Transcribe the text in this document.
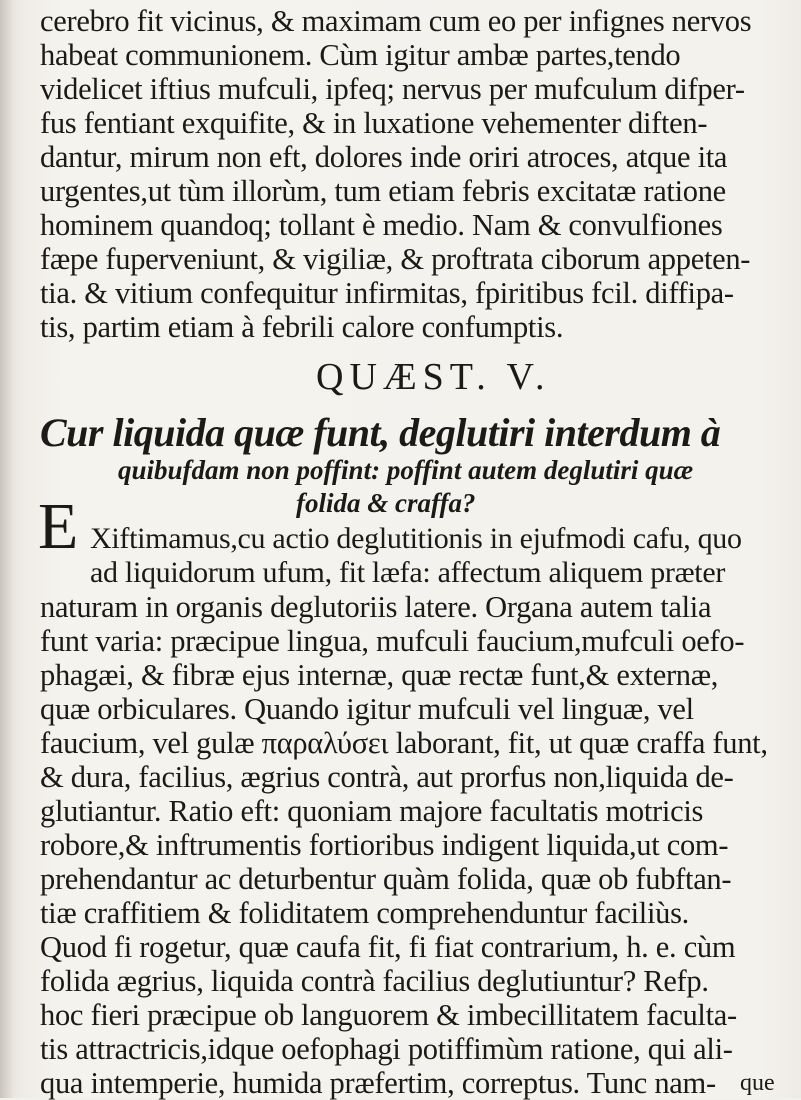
cerebro fit vicinus, & maximam cum eo per infignes nervos
habeat communionem. Cùm igitur ambæ partes,tendo
videlicet iftius mufculi, ipfeq; nervus per mufculum difper-
fus fentiant exquifite, & in luxatione vehementer diften-
dantur, mirum non eft, dolores inde oriri atroces, atque ita
urgentes,ut tùm illorùm, tum etiam febris excitatæ ratione
hominem quandoq; tollant è medio. Nam & convulfiones
fæpe fuperveniunt, & vigiliæ, & proftrata ciborum appeten-
tia. & vitium confequitur infirmitas, fpiritibus fcil. diffipa-
tis, partim etiam à febrili calore confumptis.
QUÆST. V.
Cur liquida quæ funt, deglutiri interdum à
quibufdam non poffint: poffint autem deglutiri quæ
folida & craffa?
E Xiftimamus,cu actio deglutitionis in ejufmodi cafu, quo
ad liquidorum ufum, fit læfa: affectum aliquem præter
naturam in organis deglutoriis latere. Organa autem talia
funt varia: præcipue lingua, mufculi faucium,mufculi oefo-
phagæi, & fibræ ejus internæ, quæ rectæ funt,& externæ,
quæ orbiculares. Quando igitur mufculi vel linguæ, vel
faucium, vel gulæ παραλύσει laborant, fit, ut quæ craffa funt,
& dura, facilius, ægrius contrà, aut prorfus non,liquida de-
glutiantur. Ratio eft: quoniam majore facultatis motricis
robore,& inftrumentis fortioribus indigent liquida,ut com-
prehendantur ac deturbentur quàm folida, quæ ob fubftan-
tiæ craffitiem & foliditatem comprehenduntur faciliùs.
Quod fi rogetur, quæ caufa fit, fi fiat contrarium, h. e. cùm
folida ægrius, liquida contrà facilius deglutiuntur? Refp.
hoc fieri præcipue ob languorem & imbecillitatem faculta-
tis attractricis,idque oefophagi potiffimùm ratione, qui ali-
qua intemperie, humida præfertim, correptus. Tunc nam- que
